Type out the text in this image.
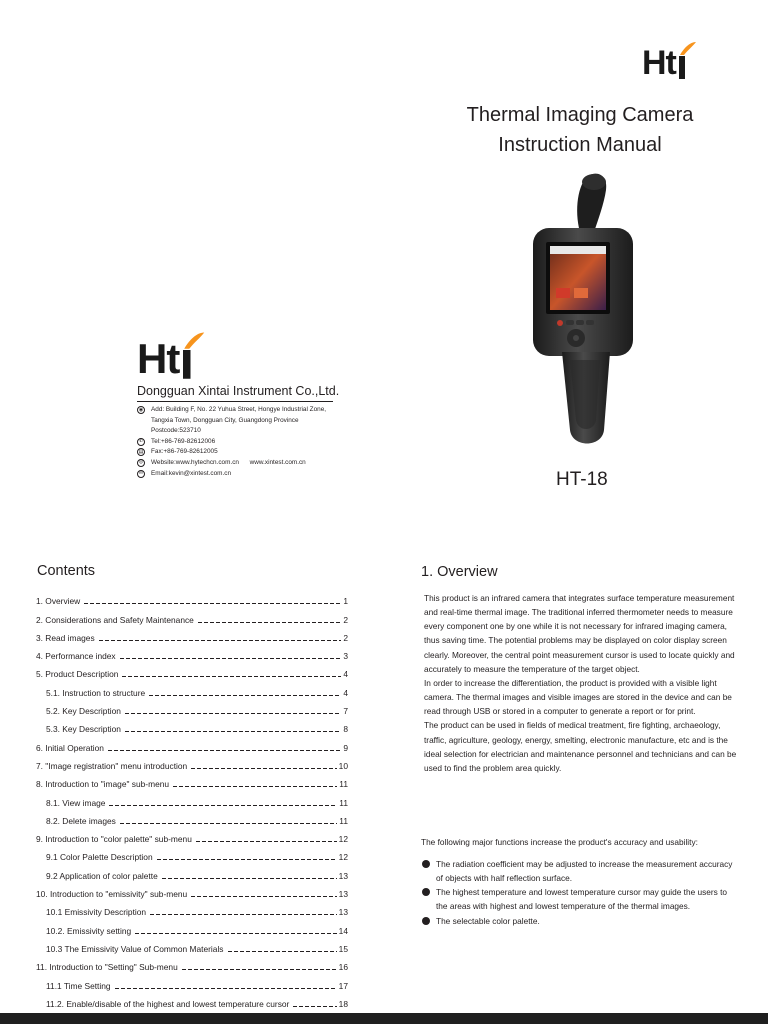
Ht
Thermal Imaging Camera
Instruction Manual
HT-18
Ht
Dongguan Xintai Instrument Co.,Ltd.
◉ Add: Building F, No. 22 Yuhua Street, Hongye Industrial Zone,
Tangxia Town, Dongguan City, Guangdong Province
Postcode:523710
✆ Tel:+86-769-82612006
▤ Fax:+86-769-82612005
◎ Website:www.hytechcn.com.cn      www.xintest.com.cn
✉ Email:kevin@xintest.com.cn
Contents
1. Overview	1
2. Considerations and Safety Maintenance	2
3. Read images	2
4. Performance index	3
5. Product Description	4
5.1. Instruction to structure	4
5.2. Key Description	7
5.3. Key Description	8
6. Initial Operation	9
7. "Image registration" menu introduction	10
8. Introduction to "image" sub-menu	11
8.1. View image	11
8.2. Delete images	11
9. Introduction to "color palette" sub-menu	12
9.1 Color Palette Description	12
9.2 Application of color palette	13
10. Introduction to "emissivity" sub-menu	13
10.1 Emissivity Description	13
10.2. Emissivity setting	14
10.3 The Emissivity Value of Common Materials	15
11. Introduction to "Setting" Sub-menu	16
11.1 Time Setting	17
11.2. Enable/disable of the highest and lowest temperature cursor	18
1. Overview
This product is an infrared camera that integrates surface temperature measurement and real-time thermal image. The traditional inferred thermometer needs to measure every component one by one while it is not necessary for infrared imaging camera, thus saving time. The potential problems may be displayed on color display screen clearly. Moreover, the central point measurement cursor is used to locate quickly and accurately to measure the temperature of the target object.
In order to increase the differentiation, the product is provided with a visible light camera. The thermal images and visible images are stored in the device and can be read through USB or stored in a computer to generate a report or for print.
The product can be used in fields of medical treatment, fire fighting, archaeology, traffic, agriculture, geology, energy, smelting, electronic manufacture, etc and is the ideal selection for electrician and maintenance personnel and technicians and can be used to find the problem area quickly.
The following major functions increase the product's accuracy and usability:
The radiation coefficient may be adjusted to increase the measurement accuracy of objects with half reflection surface.
The highest temperature and lowest temperature cursor may guide the users to the areas with highest and lowest temperature of the thermal images.
The selectable color palette.
